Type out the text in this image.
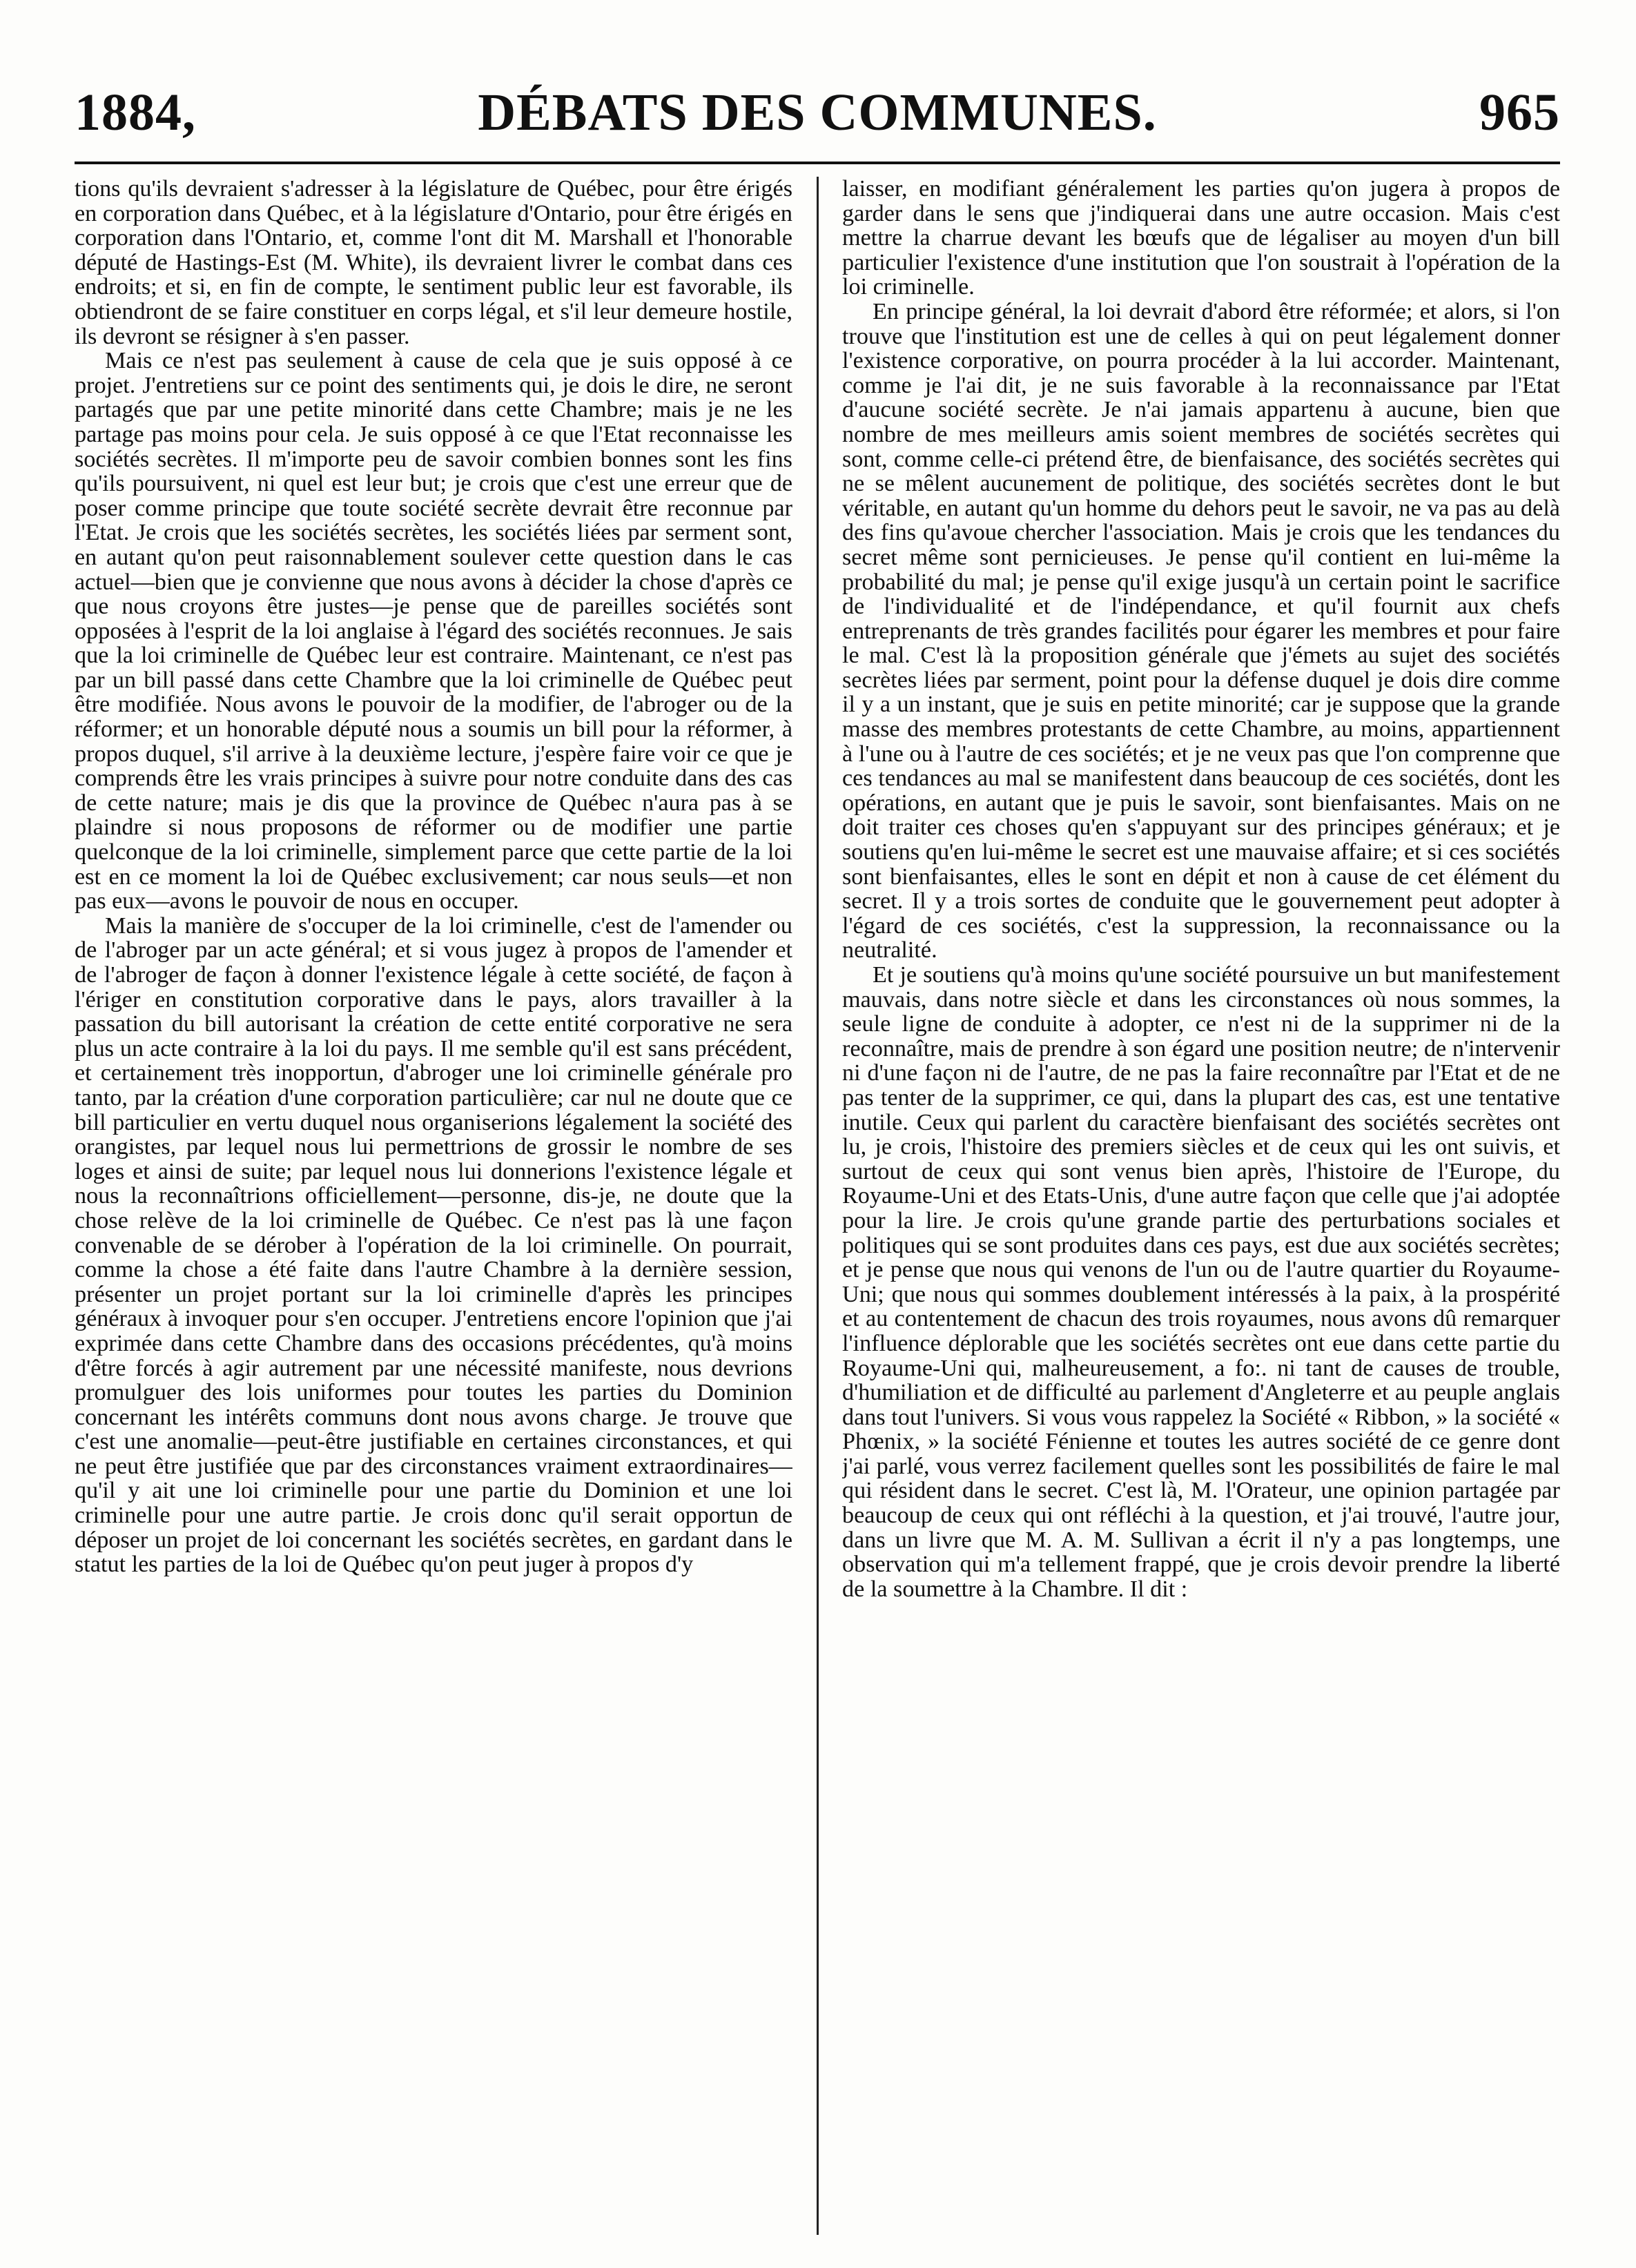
DÉBATS DES COMMUNES.
1884,	965

tions qu'ils devraient s'adresser à la législature de Québec, pour être érigés en corporation dans Québec, et à la législature d'Ontario, pour être érigés en corporation dans l'Ontario, et, comme l'ont dit M. Marshall et l'honorable député de Hastings-Est (M. White), ils devraient livrer le combat dans ces endroits; et si, en fin de compte, le sentiment public leur est favorable, ils obtiendront de se faire constituer en corps légal, et s'il leur demeure hostile, ils devront se résigner à s'en passer.

Mais ce n'est pas seulement à cause de cela que je suis opposé à ce projet. J'entretiens sur ce point des sentiments qui, je dois le dire, ne seront partagés que par une petite minorité dans cette Chambre; mais je ne les partage pas moins pour cela. Je suis opposé à ce que l'Etat reconnaisse les sociétés secrètes. Il m'importe peu de savoir combien bonnes sont les fins qu'ils poursuivent, ni quel est leur but; je crois que c'est une erreur que de poser comme principe que toute société secrète devrait être reconnue par l'Etat. Je crois que les sociétés secrètes, les sociétés liées par serment sont, en autant qu'on peut raisonnablement soulever cette question dans le cas actuel—bien que je convienne que nous avons à décider la chose d'après ce que nous croyons être justes—je pense que de pareilles sociétés sont opposées à l'esprit de la loi anglaise à l'égard des sociétés reconnues. Je sais que la loi criminelle de Québec leur est contraire. Maintenant, ce n'est pas par un bill passé dans cette Chambre que la loi criminelle de Québec peut être modifiée. Nous avons le pouvoir de la modifier, de l'abroger ou de la réformer; et un honorable député nous a soumis un bill pour la réformer, à propos duquel, s'il arrive à la deuxième lecture, j'espère faire voir ce que je comprends être les vrais principes à suivre pour notre conduite dans des cas de cette nature; mais je dis que la province de Québec n'aura pas à se plaindre si nous proposons de réformer ou de modifier une partie quelconque de la loi criminelle, simplement parce que cette partie de la loi est en ce moment la loi de Québec exclusivement; car nous seuls—et non pas eux—avons le pouvoir de nous en occuper.

Mais la manière de s'occuper de la loi criminelle, c'est de l'amender ou de l'abroger par un acte général; et si vous jugez à propos de l'amender et de l'abroger de façon à donner l'existence légale à cette société, de façon à l'ériger en constitution corporative dans le pays, alors travailler à la passation du bill autorisant la création de cette entité corporative ne sera plus un acte contraire à la loi du pays. Il me semble qu'il est sans précédent, et certainement très inopportun, d'abroger une loi criminelle générale pro tanto, par la création d'une corporation particulière; car nul ne doute que ce bill particulier en vertu duquel nous organiserions légalement la société des orangistes, par lequel nous lui permettrions de grossir le nombre de ses loges et ainsi de suite; par lequel nous lui donnerions l'existence légale et nous la reconnaîtrions officiellement—personne, dis-je, ne doute que la chose relève de la loi criminelle de Québec. Ce n'est pas là une façon convenable de se dérober à l'opération de la loi criminelle. On pourrait, comme la chose a été faite dans l'autre Chambre à la dernière session, présenter un projet portant sur la loi criminelle d'après les principes généraux à invoquer pour s'en occuper. J'entretiens encore l'opinion que j'ai exprimée dans cette Chambre dans des occasions précédentes, qu'à moins d'être forcés à agir autrement par une nécessité manifeste, nous devrions promulguer des lois uniformes pour toutes les parties du Dominion concernant les intérêts communs dont nous avons charge. Je trouve que c'est une anomalie—peut-être justifiable en certaines circonstances, et qui ne peut être justifiée que par des circonstances vraiment extraordinaires—qu'il y ait une loi criminelle pour une partie du Dominion et une loi criminelle pour une autre partie. Je crois donc qu'il serait opportun de déposer un projet de loi concernant les sociétés secrètes, en gardant dans le statut les parties de la loi de Québec qu'on peut juger à propos d'y

laisser, en modifiant généralement les parties qu'on jugera à propos de garder dans le sens que j'indiquerai dans une autre occasion. Mais c'est mettre la charrue devant les bœufs que de légaliser au moyen d'un bill particulier l'existence d'une institution que l'on soustrait à l'opération de la loi criminelle.

En principe général, la loi devrait d'abord être réformée; et alors, si l'on trouve que l'institution est une de celles à qui on peut légalement donner l'existence corporative, on pourra procéder à la lui accorder. Maintenant, comme je l'ai dit, je ne suis favorable à la reconnaissance par l'Etat d'aucune société secrète. Je n'ai jamais appartenu à aucune, bien que nombre de mes meilleurs amis soient membres de sociétés secrètes qui sont, comme celle-ci prétend être, de bienfaisance, des sociétés secrètes qui ne se mêlent aucunement de politique, des sociétés secrètes dont le but véritable, en autant qu'un homme du dehors peut le savoir, ne va pas au delà des fins qu'avoue chercher l'association. Mais je crois que les tendances du secret même sont pernicieuses. Je pense qu'il contient en lui-même la probabilité du mal; je pense qu'il exige jusqu'à un certain point le sacrifice de l'individualité et de l'indépendance, et qu'il fournit aux chefs entreprenants de très grandes facilités pour égarer les membres et pour faire le mal. C'est là la proposition générale que j'émets au sujet des sociétés secrètes liées par serment, point pour la défense duquel je dois dire comme il y a un instant, que je suis en petite minorité; car je suppose que la grande masse des membres protestants de cette Chambre, au moins, appartiennent à l'une ou à l'autre de ces sociétés; et je ne veux pas que l'on comprenne que ces tendances au mal se manifestent dans beaucoup de ces sociétés, dont les opérations, en autant que je puis le savoir, sont bienfaisantes. Mais on ne doit traiter ces choses qu'en s'appuyant sur des principes généraux; et je soutiens qu'en lui-même le secret est une mauvaise affaire; et si ces sociétés sont bienfaisantes, elles le sont en dépit et non à cause de cet élément du secret. Il y a trois sortes de conduite que le gouvernement peut adopter à l'égard de ces sociétés, c'est la suppression, la reconnaissance ou la neutralité.

Et je soutiens qu'à moins qu'une société poursuive un but manifestement mauvais, dans notre siècle et dans les circonstances où nous sommes, la seule ligne de conduite à adopter, ce n'est ni de la supprimer ni de la reconnaître, mais de prendre à son égard une position neutre; de n'intervenir ni d'une façon ni de l'autre, de ne pas la faire reconnaître par l'Etat et de ne pas tenter de la supprimer, ce qui, dans la plupart des cas, est une tentative inutile. Ceux qui parlent du caractère bienfaisant des sociétés secrètes ont lu, je crois, l'histoire des premiers siècles et de ceux qui les ont suivis, et surtout de ceux qui sont venus bien après, l'histoire de l'Europe, du Royaume-Uni et des Etats-Unis, d'une autre façon que celle que j'ai adoptée pour la lire. Je crois qu'une grande partie des perturbations sociales et politiques qui se sont produites dans ces pays, est due aux sociétés secrètes; et je pense que nous qui venons de l'un ou de l'autre quartier du Royaume-Uni; que nous qui sommes doublement intéressés à la paix, à la prospérité et au contentement de chacun des trois royaumes, nous avons dû remarquer l'influence déplorable que les sociétés secrètes ont eue dans cette partie du Royaume-Uni qui, malheureusement, a fo:. ni tant de causes de trouble, d'humiliation et de difficulté au parlement d'Angleterre et au peuple anglais dans tout l'univers. Si vous vous rappelez la Société « Ribbon, » la société « Phœnix, » la société Fénienne et toutes les autres société de ce genre dont j'ai parlé, vous verrez facilement quelles sont les possibilités de faire le mal qui résident dans le secret. C'est là, M. l'Orateur, une opinion partagée par beaucoup de ceux qui ont réfléchi à la question, et j'ai trouvé, l'autre jour, dans un livre que M. A. M. Sullivan a écrit il n'y a pas longtemps, une observation qui m'a tellement frappé, que je crois devoir prendre la liberté de la soumettre à la Chambre. Il dit :
